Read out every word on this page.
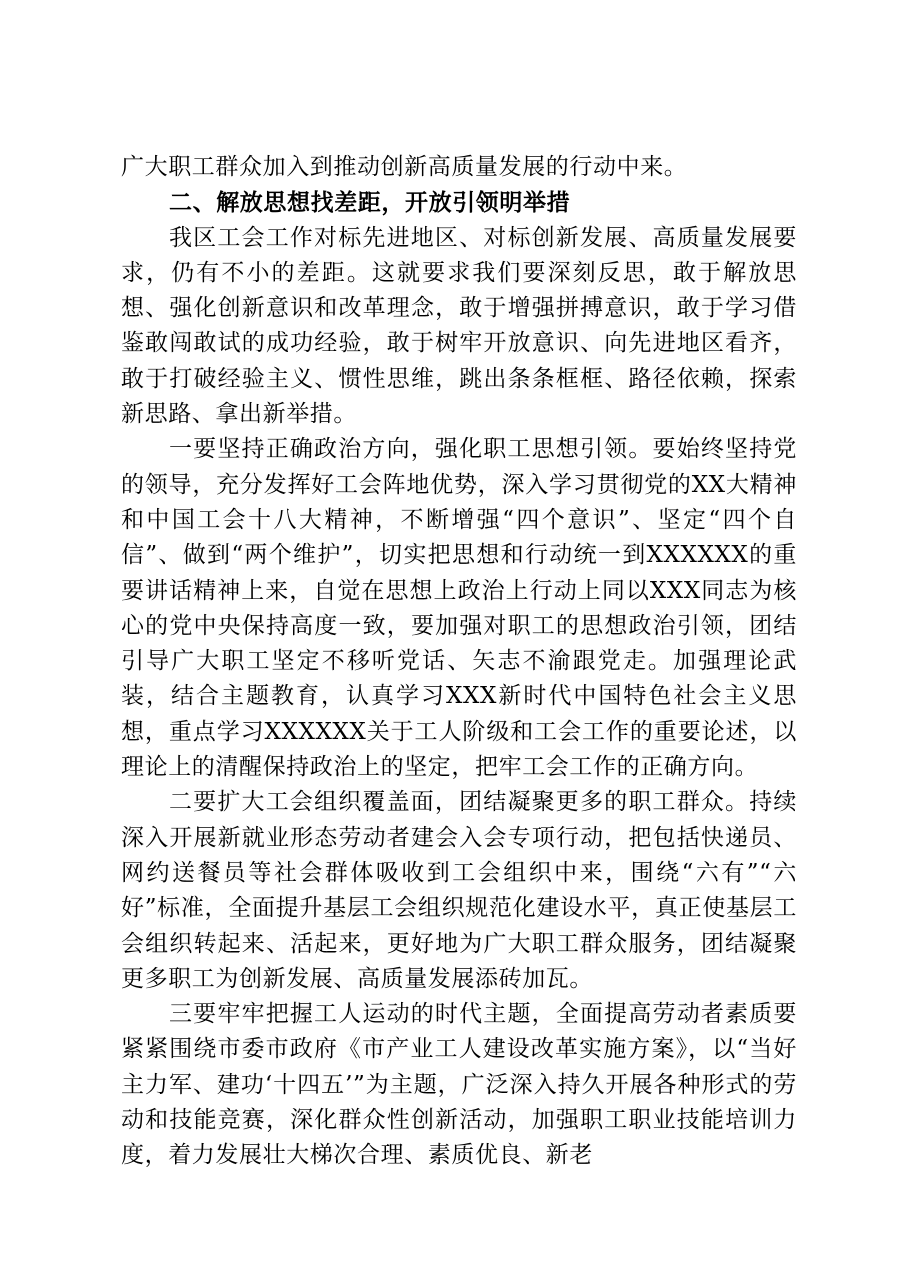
广大职工群众加入到推动创新高质量发展的行动中来。

二、解放思想找差距，开放引领明举措

我区工会工作对标先进地区、对标创新发展、高质量发展要求，仍有不小的差距。这就要求我们要深刻反思，敢于解放思想、强化创新意识和改革理念，敢于增强拼搏意识，敢于学习借鉴敢闯敢试的成功经验，敢于树牢开放意识、向先进地区看齐，敢于打破经验主义、惯性思维，跳出条条框框、路径依赖，探索新思路、拿出新举措。

一要坚持正确政治方向，强化职工思想引领。要始终坚持党的领导，充分发挥好工会阵地优势，深入学习贯彻党的XX大精神和中国工会十八大精神，不断增强“四个意识”、坚定“四个自信”、做到“两个维护”，切实把思想和行动统一到XXXXXX的重要讲话精神上来，自觉在思想上政治上行动上同以XXX同志为核心的党中央保持高度一致，要加强对职工的思想政治引领，团结引导广大职工坚定不移听党话、矢志不渝跟党走。加强理论武装，结合主题教育，认真学习XXX新时代中国特色社会主义思想，重点学习XXXXXX关于工人阶级和工会工作的重要论述，以理论上的清醒保持政治上的坚定，把牢工会工作的正确方向。

二要扩大工会组织覆盖面，团结凝聚更多的职工群众。持续深入开展新就业形态劳动者建会入会专项行动，把包括快递员、网约送餐员等社会群体吸收到工会组织中来，围绕“六有”“六好”标准，全面提升基层工会组织规范化建设水平，真正使基层工会组织转起来、活起来，更好地为广大职工群众服务，团结凝聚更多职工为创新发展、高质量发展添砖加瓦。

三要牢牢把握工人运动的时代主题，全面提高劳动者素质要紧紧围绕市委市政府《市产业工人建设改革实施方案》，以“当好主力军、建功‘十四五’”为主题，广泛深入持久开展各种形式的劳动和技能竞赛，深化群众性创新活动，加强职工职业技能培训力度，着力发展壮大梯次合理、素质优良、新老
